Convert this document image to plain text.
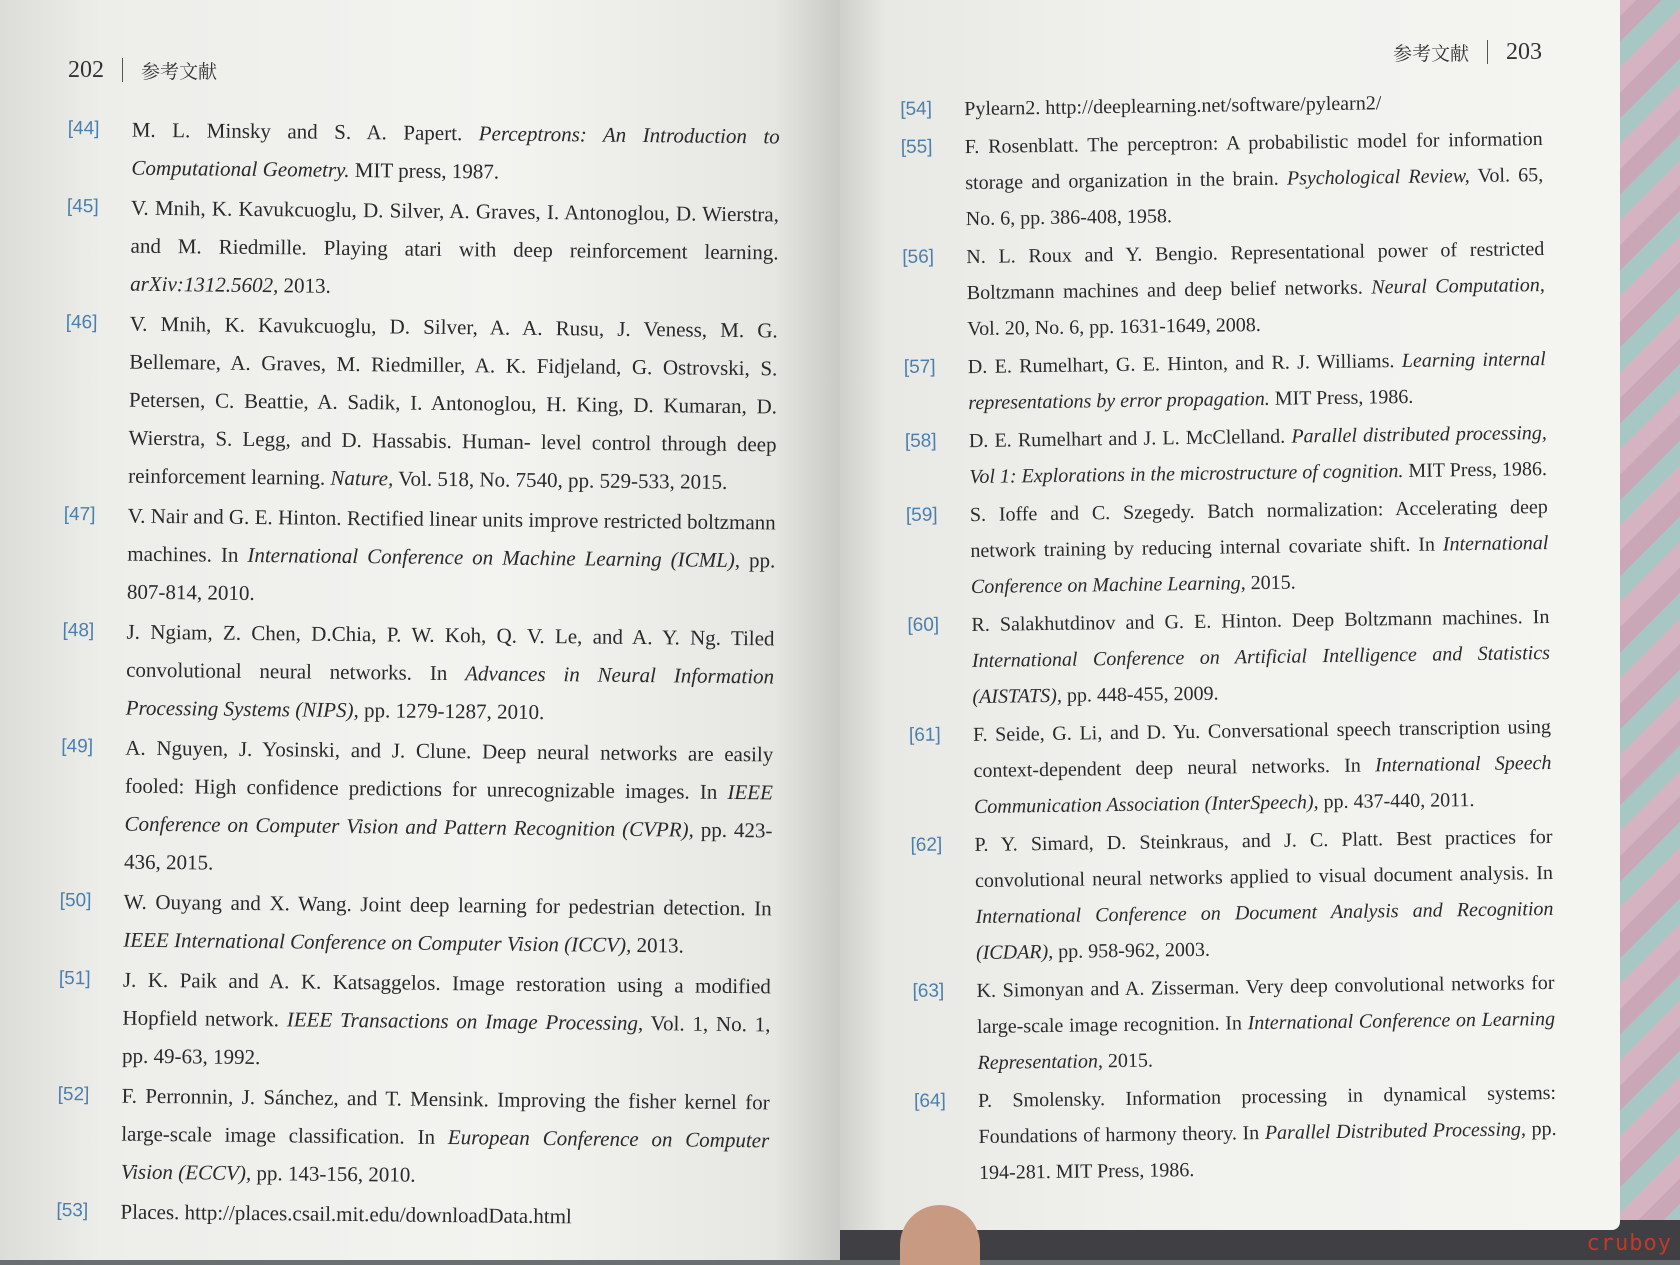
202 参考文献
[44]	M. L. Minsky and S. A. Papert. Perceptrons: An Introduction to Computational Geometry. MIT press, 1987.
[45]	V. Mnih, K. Kavukcuoglu, D. Silver, A. Graves, I. Antonoglou, D. Wierstra, and M. Riedmille. Playing atari with deep reinforcement learning. arXiv:1312.5602, 2013.
[46]	V. Mnih, K. Kavukcuoglu, D. Silver, A. A. Rusu, J. Veness, M. G. Bellemare, A. Graves, M. Riedmiller, A. K. Fidjeland, G. Ostrovski, S. Petersen, C. Beattie, A. Sadik, I. Antonoglou, H. King, D. Kumaran, D. Wierstra, S. Legg, and D. Hassabis. Human- level control through deep reinforcement learning. Nature, Vol. 518, No. 7540, pp. 529-533, 2015.
[47]	V. Nair and G. E. Hinton. Rectified linear units improve restricted boltzmann machines. In International Conference on Machine Learning (ICML), pp. 807-814, 2010.
[48]	J. Ngiam, Z. Chen, D.Chia, P. W. Koh, Q. V. Le, and A. Y. Ng. Tiled convolutional neural networks. In Advances in Neural Information Processing Systems (NIPS), pp. 1279-1287, 2010.
[49]	A. Nguyen, J. Yosinski, and J. Clune. Deep neural networks are easily fooled: High confidence predictions for unrecognizable images. In IEEE Conference on Computer Vision and Pattern Recognition (CVPR), pp. 423-436, 2015.
[50]	W. Ouyang and X. Wang. Joint deep learning for pedestrian detection. In IEEE International Conference on Computer Vision (ICCV), 2013.
[51]	J. K. Paik and A. K. Katsaggelos. Image restoration using a modified Hopfield network. IEEE Transactions on Image Processing, Vol. 1, No. 1, pp. 49-63, 1992.
[52]	F. Perronnin, J. Sánchez, and T. Mensink. Improving the fisher kernel for large-scale image classification. In European Conference on Computer Vision (ECCV), pp. 143-156, 2010.
[53]	Places. http://places.csail.mit.edu/downloadData.html
参考文献 203
[54]	Pylearn2. http://deeplearning.net/software/pylearn2/
[55]	F. Rosenblatt. The perceptron: A probabilistic model for information storage and organization in the brain. Psychological Review, Vol. 65, No. 6, pp. 386-408, 1958.
[56]	N. L. Roux and Y. Bengio. Representational power of restricted Boltzmann machines and deep belief networks. Neural Computation, Vol. 20, No. 6, pp. 1631-1649, 2008.
[57]	D. E. Rumelhart, G. E. Hinton, and R. J. Williams. Learning internal representations by error propagation. MIT Press, 1986.
[58]	D. E. Rumelhart and J. L. McClelland. Parallel distributed processing, Vol 1: Explorations in the microstructure of cognition. MIT Press, 1986.
[59]	S. Ioffe and C. Szegedy. Batch normalization: Accelerating deep network training by reducing internal covariate shift. In International Conference on Machine Learning, 2015.
[60]	R. Salakhutdinov and G. E. Hinton. Deep Boltzmann machines. In International Conference on Artificial Intelligence and Statistics (AISTATS), pp. 448-455, 2009.
[61]	F. Seide, G. Li, and D. Yu. Conversational speech transcription using context-dependent deep neural networks. In International Speech Communication Association (InterSpeech), pp. 437-440, 2011.
[62]	P. Y. Simard, D. Steinkraus, and J. C. Platt. Best practices for convolutional neural networks applied to visual document analysis. In International Conference on Document Analysis and Recognition (ICDAR), pp. 958-962, 2003.
[63]	K. Simonyan and A. Zisserman. Very deep convolutional networks for large-scale image recognition. In International Conference on Learning Representation, 2015.
[64]	P. Smolensky. Information processing in dynamical systems: Foundations of harmony theory. In Parallel Distributed Processing, pp. 194-281. MIT Press, 1986.
cruboy
